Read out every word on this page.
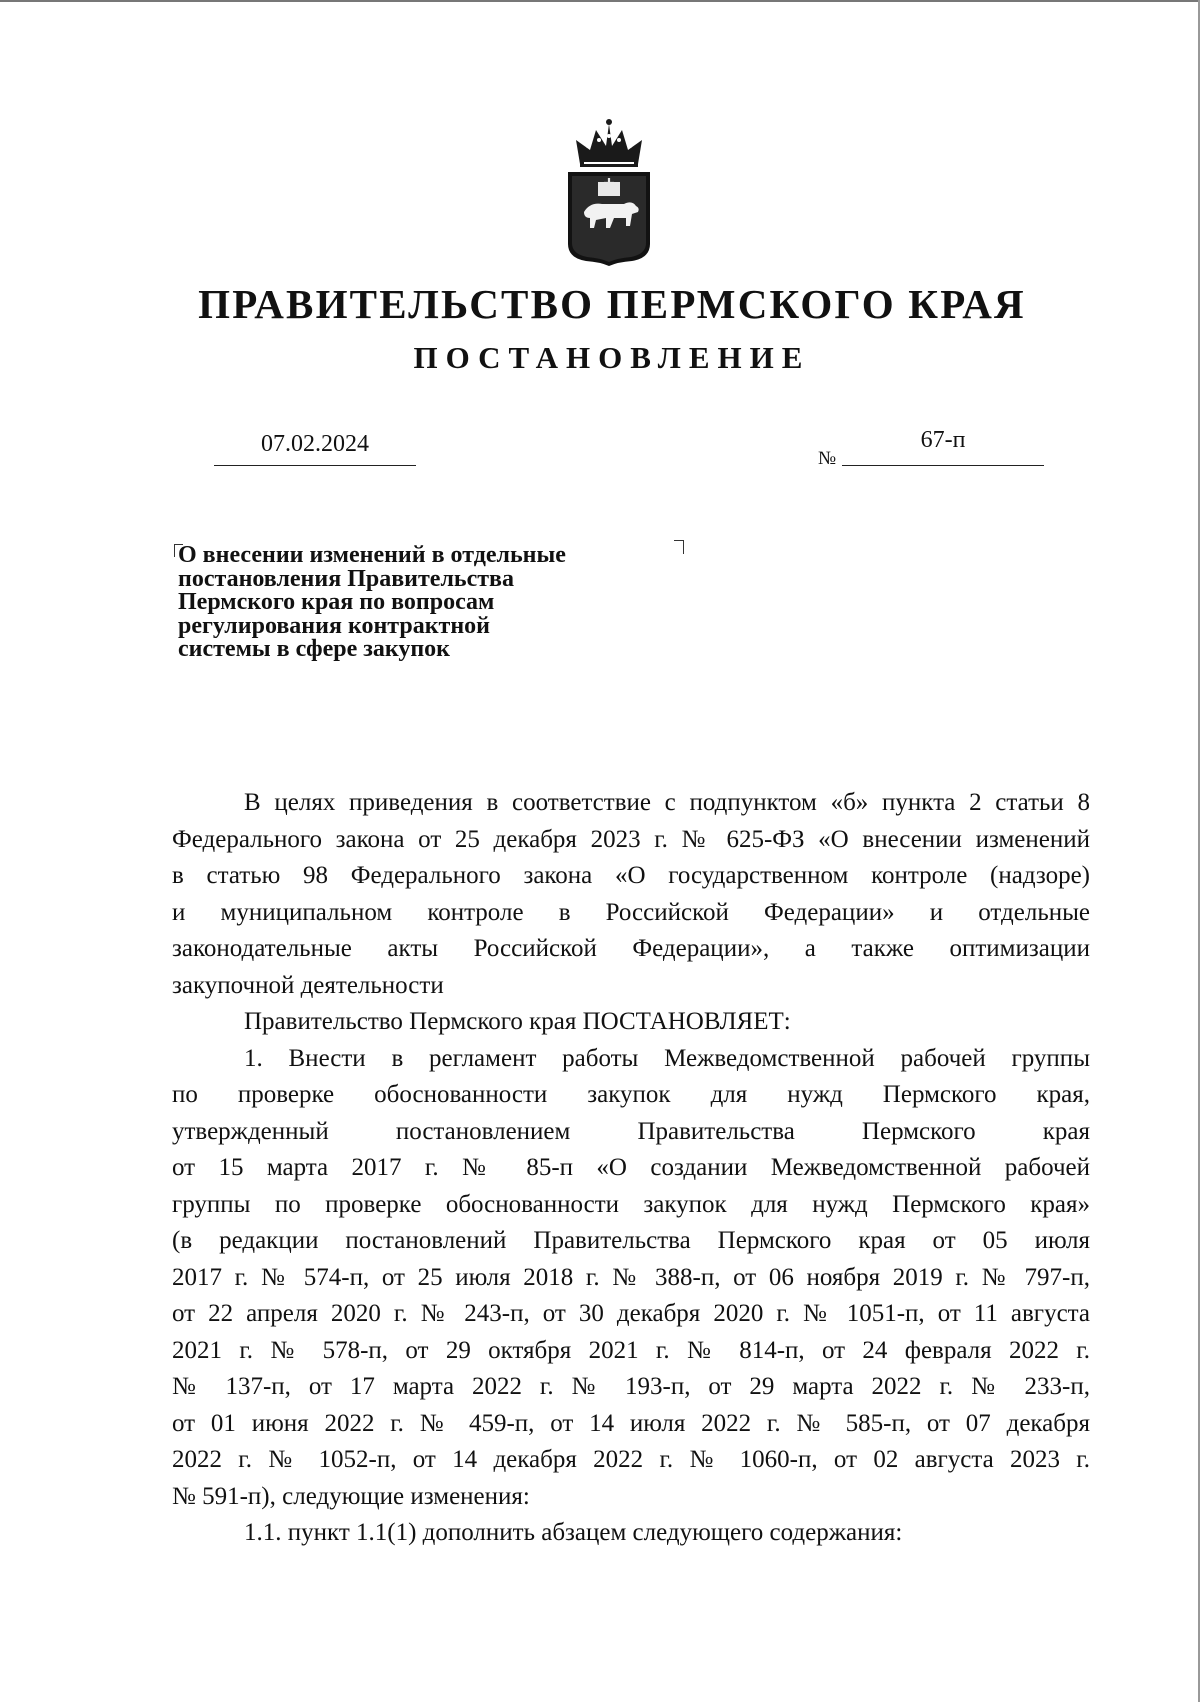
ПРАВИТЕЛЬСТВО ПЕРМСКОГО КРАЯ
ПОСТАНОВЛЕНИЕ
07.02.2024
№
67-п
О внесении изменений в отдельные
постановления Правительства
Пермского края по вопросам
регулирования контрактной
системы в сфере закупок

В целях приведения в соответствие с подпунктом «б» пункта 2 статьи 8
Федерального закона от 25 декабря 2023 г. № 625-ФЗ «О внесении изменений
в статью 98 Федерального закона «О государственном контроле (надзоре)
и муниципальном контроле в Российской Федерации» и отдельные
законодательные акты Российской Федерации», а также оптимизации
закупочной деятельности

Правительство Пермского края ПОСТАНОВЛЯЕТ:

1. Внести в регламент работы Межведомственной рабочей группы
по проверке обоснованности закупок для нужд Пермского края,
утвержденный постановлением Правительства Пермского края
от 15 марта 2017 г. № 85-п «О создании Межведомственной рабочей
группы по проверке обоснованности закупок для нужд Пермского края»
(в редакции постановлений Правительства Пермского края от 05 июля
2017 г. № 574-п, от 25 июля 2018 г. № 388-п, от 06 ноября 2019 г. № 797-п,
от 22 апреля 2020 г. № 243-п, от 30 декабря 2020 г. № 1051-п, от 11 августа
2021 г. № 578-п, от 29 октября 2021 г. № 814-п, от 24 февраля 2022 г.
№ 137-п, от 17 марта 2022 г. № 193-п, от 29 марта 2022 г. № 233-п,
от 01 июня 2022 г. № 459-п, от 14 июля 2022 г. № 585-п, от 07 декабря
2022 г. № 1052-п, от 14 декабря 2022 г. № 1060-п, от 02 августа 2023 г.
№ 591-п), следующие изменения:

1.1. пункт 1.1(1) дополнить абзацем следующего содержания:
